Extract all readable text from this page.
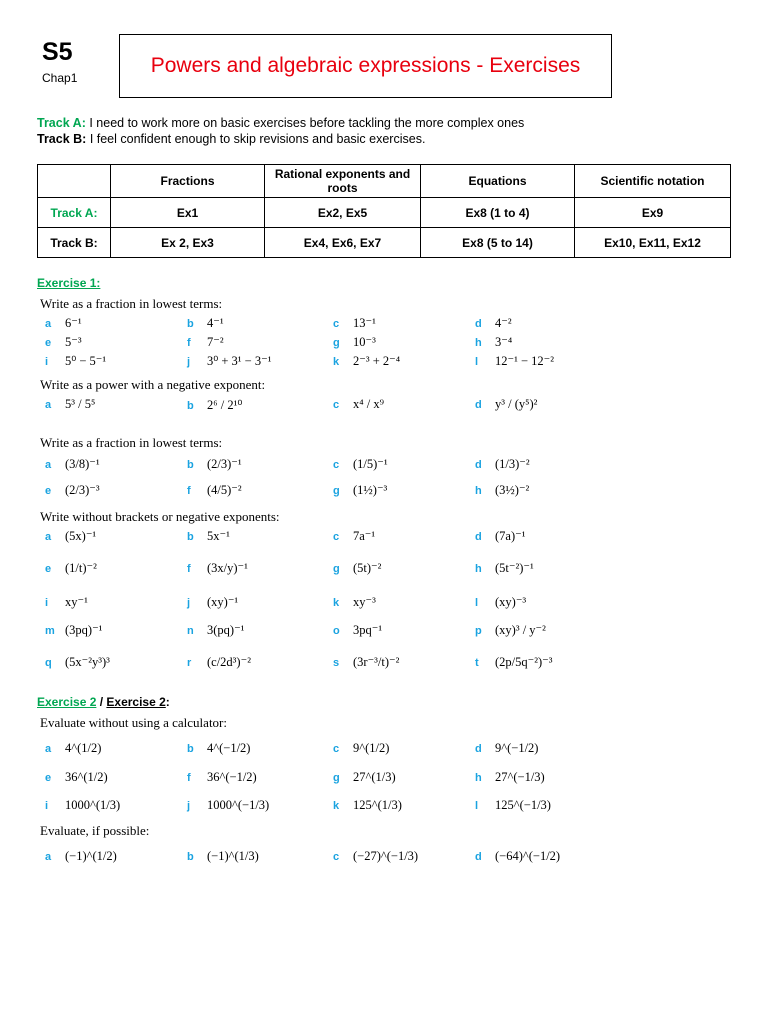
S5
Chap1
Powers and algebraic expressions - Exercises
Track A: I need to work more on basic exercises before tackling the more complex ones
Track B: I feel confident enough to skip revisions and basic exercises.
	Fractions	Rational exponents and roots	Equations	Scientific notation
Track A:	Ex1	Ex2, Ex5	Ex8 (1 to 4)	Ex9
Track B:	Ex 2, Ex3	Ex4, Ex6, Ex7	Ex8 (5 to 14)	Ex10, Ex11, Ex12
Exercise 1:
Write as a fraction in lowest terms:
a 6⁻¹	b 4⁻¹	c 13⁻¹	d 4⁻²
e 5⁻³	f 7⁻²	g 10⁻³	h 3⁻⁴
i 5⁰ − 5⁻¹	j 3⁰ + 3¹ − 3⁻¹	k 2⁻³ + 2⁻⁴	l 12⁻¹ − 12⁻²
Write as a power with a negative exponent:
a 5³ / 5⁵	b 2⁶ / 2¹⁰	c x⁴ / x⁹	d y³ / (y⁵)²
Write as a fraction in lowest terms:
a (3/8)⁻¹	b (2/3)⁻¹	c (1/5)⁻¹	d (1/3)⁻²
e (2/3)⁻³	f (4/5)⁻²	g (1½)⁻³	h (3½)⁻²
Write without brackets or negative exponents:
a (5x)⁻¹	b 5x⁻¹	c 7a⁻¹	d (7a)⁻¹
e (1/t)⁻²	f (3x/y)⁻¹	g (5t)⁻²	h (5t⁻²)⁻¹
i xy⁻¹	j (xy)⁻¹	k xy⁻³	l (xy)⁻³
m (3pq)⁻¹	n 3(pq)⁻¹	o 3pq⁻¹	p (xy)³ / y⁻²
q (5x⁻²y³)³	r (c/2d³)⁻²	s (3r⁻³/t)⁻²	t (2p/5q⁻²)⁻³
Exercise 2 / Exercise 2:
Evaluate without using a calculator:
a 4^(1/2)	b 4^(−1/2)	c 9^(1/2)	d 9^(−1/2)
e 36^(1/2)	f 36^(−1/2)	g 27^(1/3)	h 27^(−1/3)
i 1000^(1/3)	j 1000^(−1/3)	k 125^(1/3)	l 125^(−1/3)
Evaluate, if possible:
a (−1)^(1/2)	b (−1)^(1/3)	c (−27)^(−1/3)	d (−64)^(−1/2)
